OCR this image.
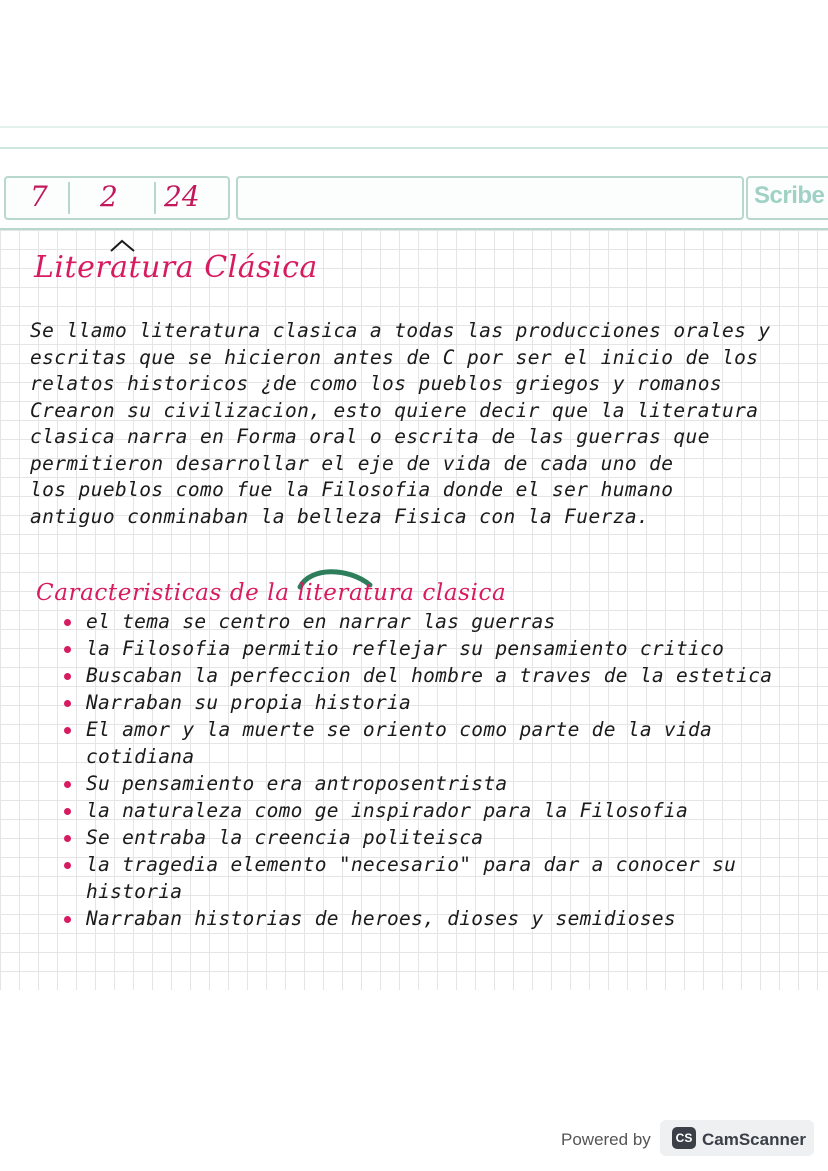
7 2 24	Scribe
Literatura Clásica
Se llamo literatura clasica a todas las producciones orales y
escritas que se hicieron antes de C por ser el inicio de los
relatos historicos ¿de como los pueblos griegos y romanos
Crearon su civilizacion, esto quiere decir que la literatura
clasica narra en Forma oral o escrita de las guerras que
permitieron desarrollar el eje de vida de cada uno de
los pueblos como fue la Filosofia donde el ser humano
antiguo conminaban la belleza Fisica con la Fuerza.
Caracteristicas de la literatura clasica
el tema se centro en narrar las guerras
la Filosofia permitio reflejar su pensamiento critico
Buscaban la perfeccion del hombre a traves de la estetica
Narraban su propia historia
El amor y la muerte se oriento como parte de la vida cotidiana
Su pensamiento era antroposentrista
la naturaleza como ge inspirador para la Filosofia
Se entraba la creencia politeisca
la tragedia elemento "necesario" para dar a conocer su historia
Narraban historias de heroes, dioses y semidioses
Powered by	CS CamScanner
